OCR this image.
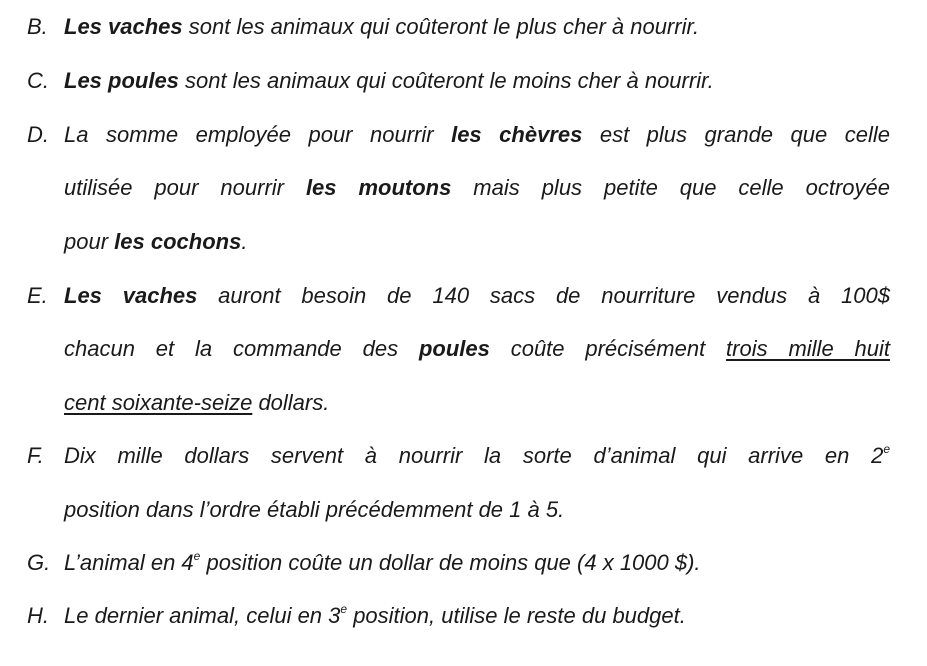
B. Les vaches sont les animaux qui coûteront le plus cher à nourrir.
C. Les poules sont les animaux qui coûteront le moins cher à nourrir.
D. La somme employée pour nourrir les chèvres est plus grande que celle
utilisée pour nourrir les moutons mais plus petite que celle octroyée
pour les cochons.
E. Les vaches auront besoin de 140 sacs de nourriture vendus à 100$
chacun et la commande des poules coûte précisément trois mille huit
cent soixante-seize dollars.
F. Dix mille dollars servent à nourrir la sorte d’animal qui arrive en 2e
position dans l’ordre établi précédemment de 1 à 5.
G. L’animal en 4e position coûte un dollar de moins que (4 x 1000 $).
H. Le dernier animal, celui en 3e position, utilise le reste du budget.
